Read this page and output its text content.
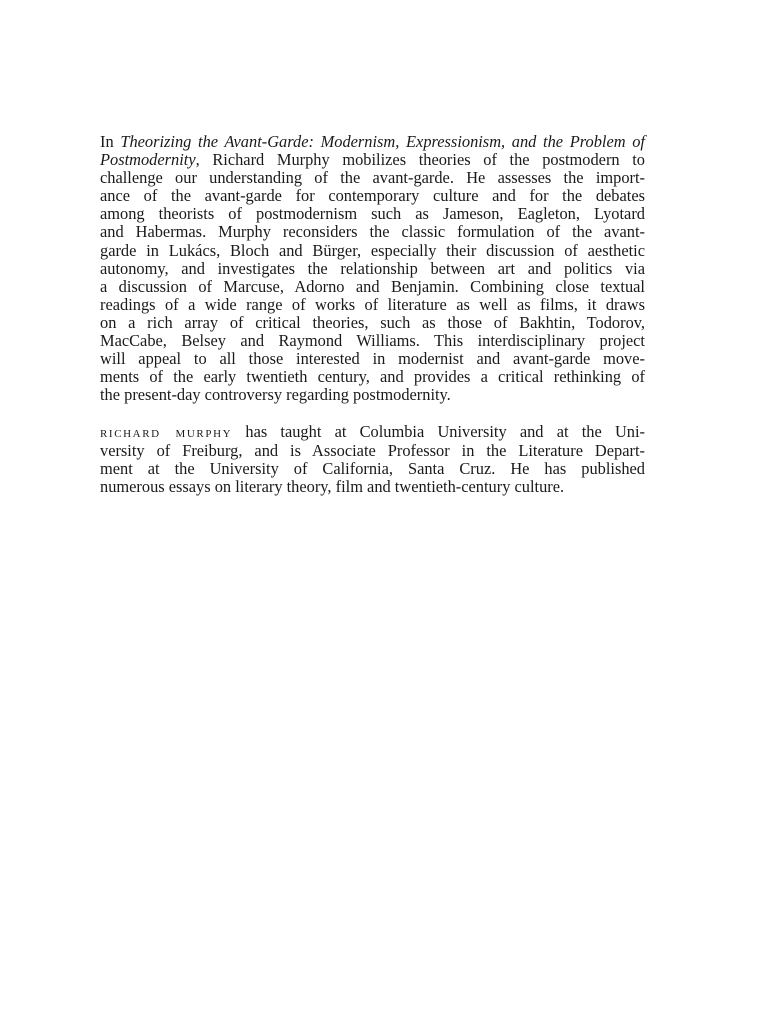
In Theorizing the Avant-Garde: Modernism, Expressionism, and the Problem of
Postmodernity, Richard Murphy mobilizes theories of the postmodern to
challenge our understanding of the avant-garde. He assesses the import-
ance of the avant-garde for contemporary culture and for the debates
among theorists of postmodernism such as Jameson, Eagleton, Lyotard
and Habermas. Murphy reconsiders the classic formulation of the avant-
garde in Lukács, Bloch and Bürger, especially their discussion of aesthetic
autonomy, and investigates the relationship between art and politics via
a discussion of Marcuse, Adorno and Benjamin. Combining close textual
readings of a wide range of works of literature as well as films, it draws
on a rich array of critical theories, such as those of Bakhtin, Todorov,
MacCabe, Belsey and Raymond Williams. This interdisciplinary project
will appeal to all those interested in modernist and avant-garde move-
ments of the early twentieth century, and provides a critical rethinking of
the present-day controversy regarding postmodernity.

richard murphy has taught at Columbia University and at the Uni-
versity of Freiburg, and is Associate Professor in the Literature Depart-
ment at the University of California, Santa Cruz. He has published
numerous essays on literary theory, film and twentieth-century culture.
